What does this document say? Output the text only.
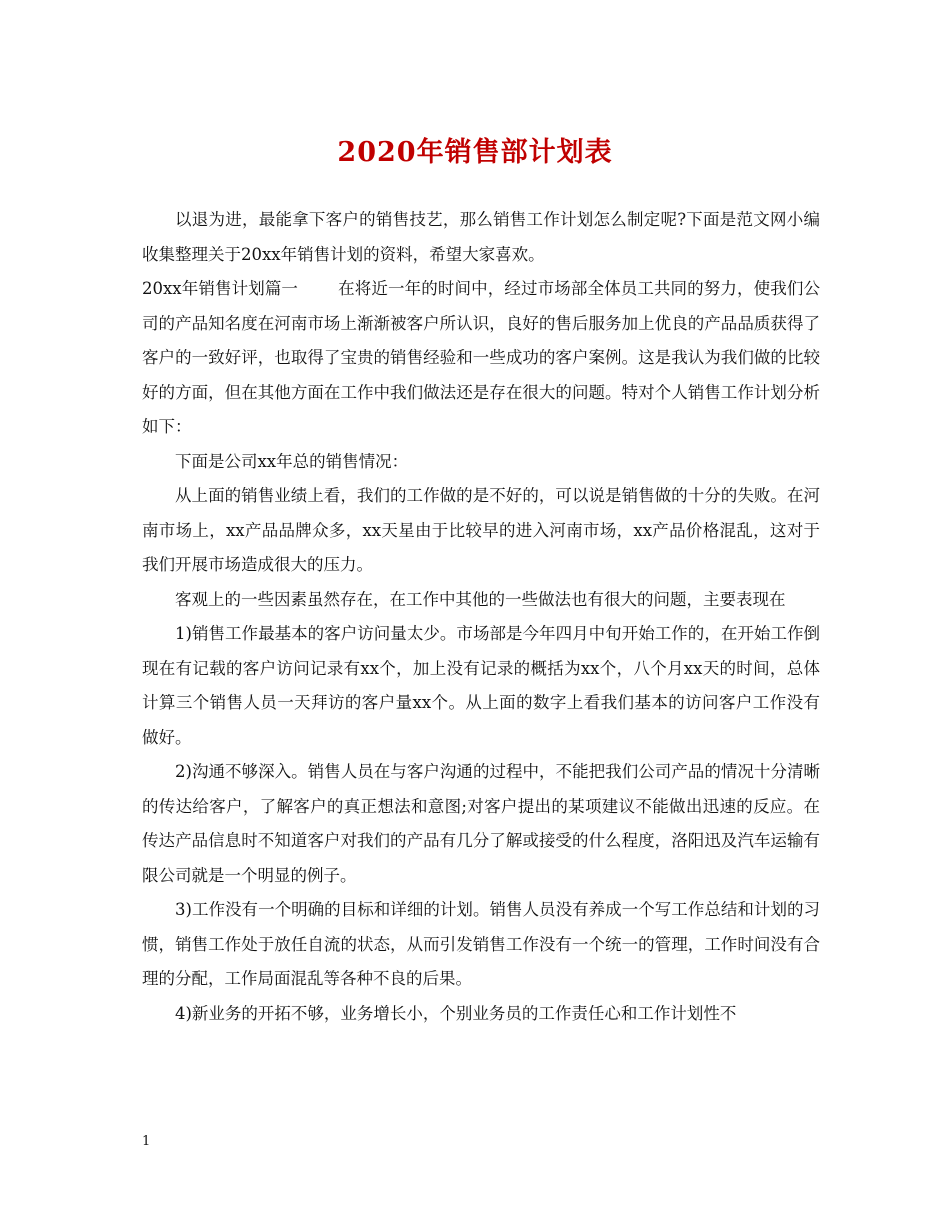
2020年销售部计划表

以退为进，最能拿下客户的销售技艺，那么销售工作计划怎么制定呢?下面是范文网小编收集整理关于20xx年销售计划的资料，希望大家喜欢。

20xx年销售计划篇一 在将近一年的时间中，经过市场部全体员工共同的努力，使我们公司的产品知名度在河南市场上渐渐被客户所认识，良好的售后服务加上优良的产品品质获得了客户的一致好评，也取得了宝贵的销售经验和一些成功的客户案例。这是我认为我们做的比较好的方面，但在其他方面在工作中我们做法还是存在很大的问题。特对个人销售工作计划分析如下：

下面是公司xx年总的销售情况：

从上面的销售业绩上看，我们的工作做的是不好的，可以说是销售做的十分的失败。在河南市场上，xx产品品牌众多，xx天星由于比较早的进入河南市场，xx产品价格混乱，这对于我们开展市场造成很大的压力。

客观上的一些因素虽然存在，在工作中其他的一些做法也有很大的问题，主要表现在

1)销售工作最基本的客户访问量太少。市场部是今年四月中旬开始工作的，在开始工作倒现在有记载的客户访问记录有xx个，加上没有记录的概括为xx个，八个月xx天的时间，总体计算三个销售人员一天拜访的客户量xx个。从上面的数字上看我们基本的访问客户工作没有做好。

2)沟通不够深入。销售人员在与客户沟通的过程中，不能把我们公司产品的情况十分清晰的传达给客户，了解客户的真正想法和意图;对客户提出的某项建议不能做出迅速的反应。在传达产品信息时不知道客户对我们的产品有几分了解或接受的什么程度，洛阳迅及汽车运输有限公司就是一个明显的例子。

3)工作没有一个明确的目标和详细的计划。销售人员没有养成一个写工作总结和计划的习惯，销售工作处于放任自流的状态，从而引发销售工作没有一个统一的管理，工作时间没有合理的分配，工作局面混乱等各种不良的后果。

4)新业务的开拓不够，业务增长小，个别业务员的工作责任心和工作计划性不

1
